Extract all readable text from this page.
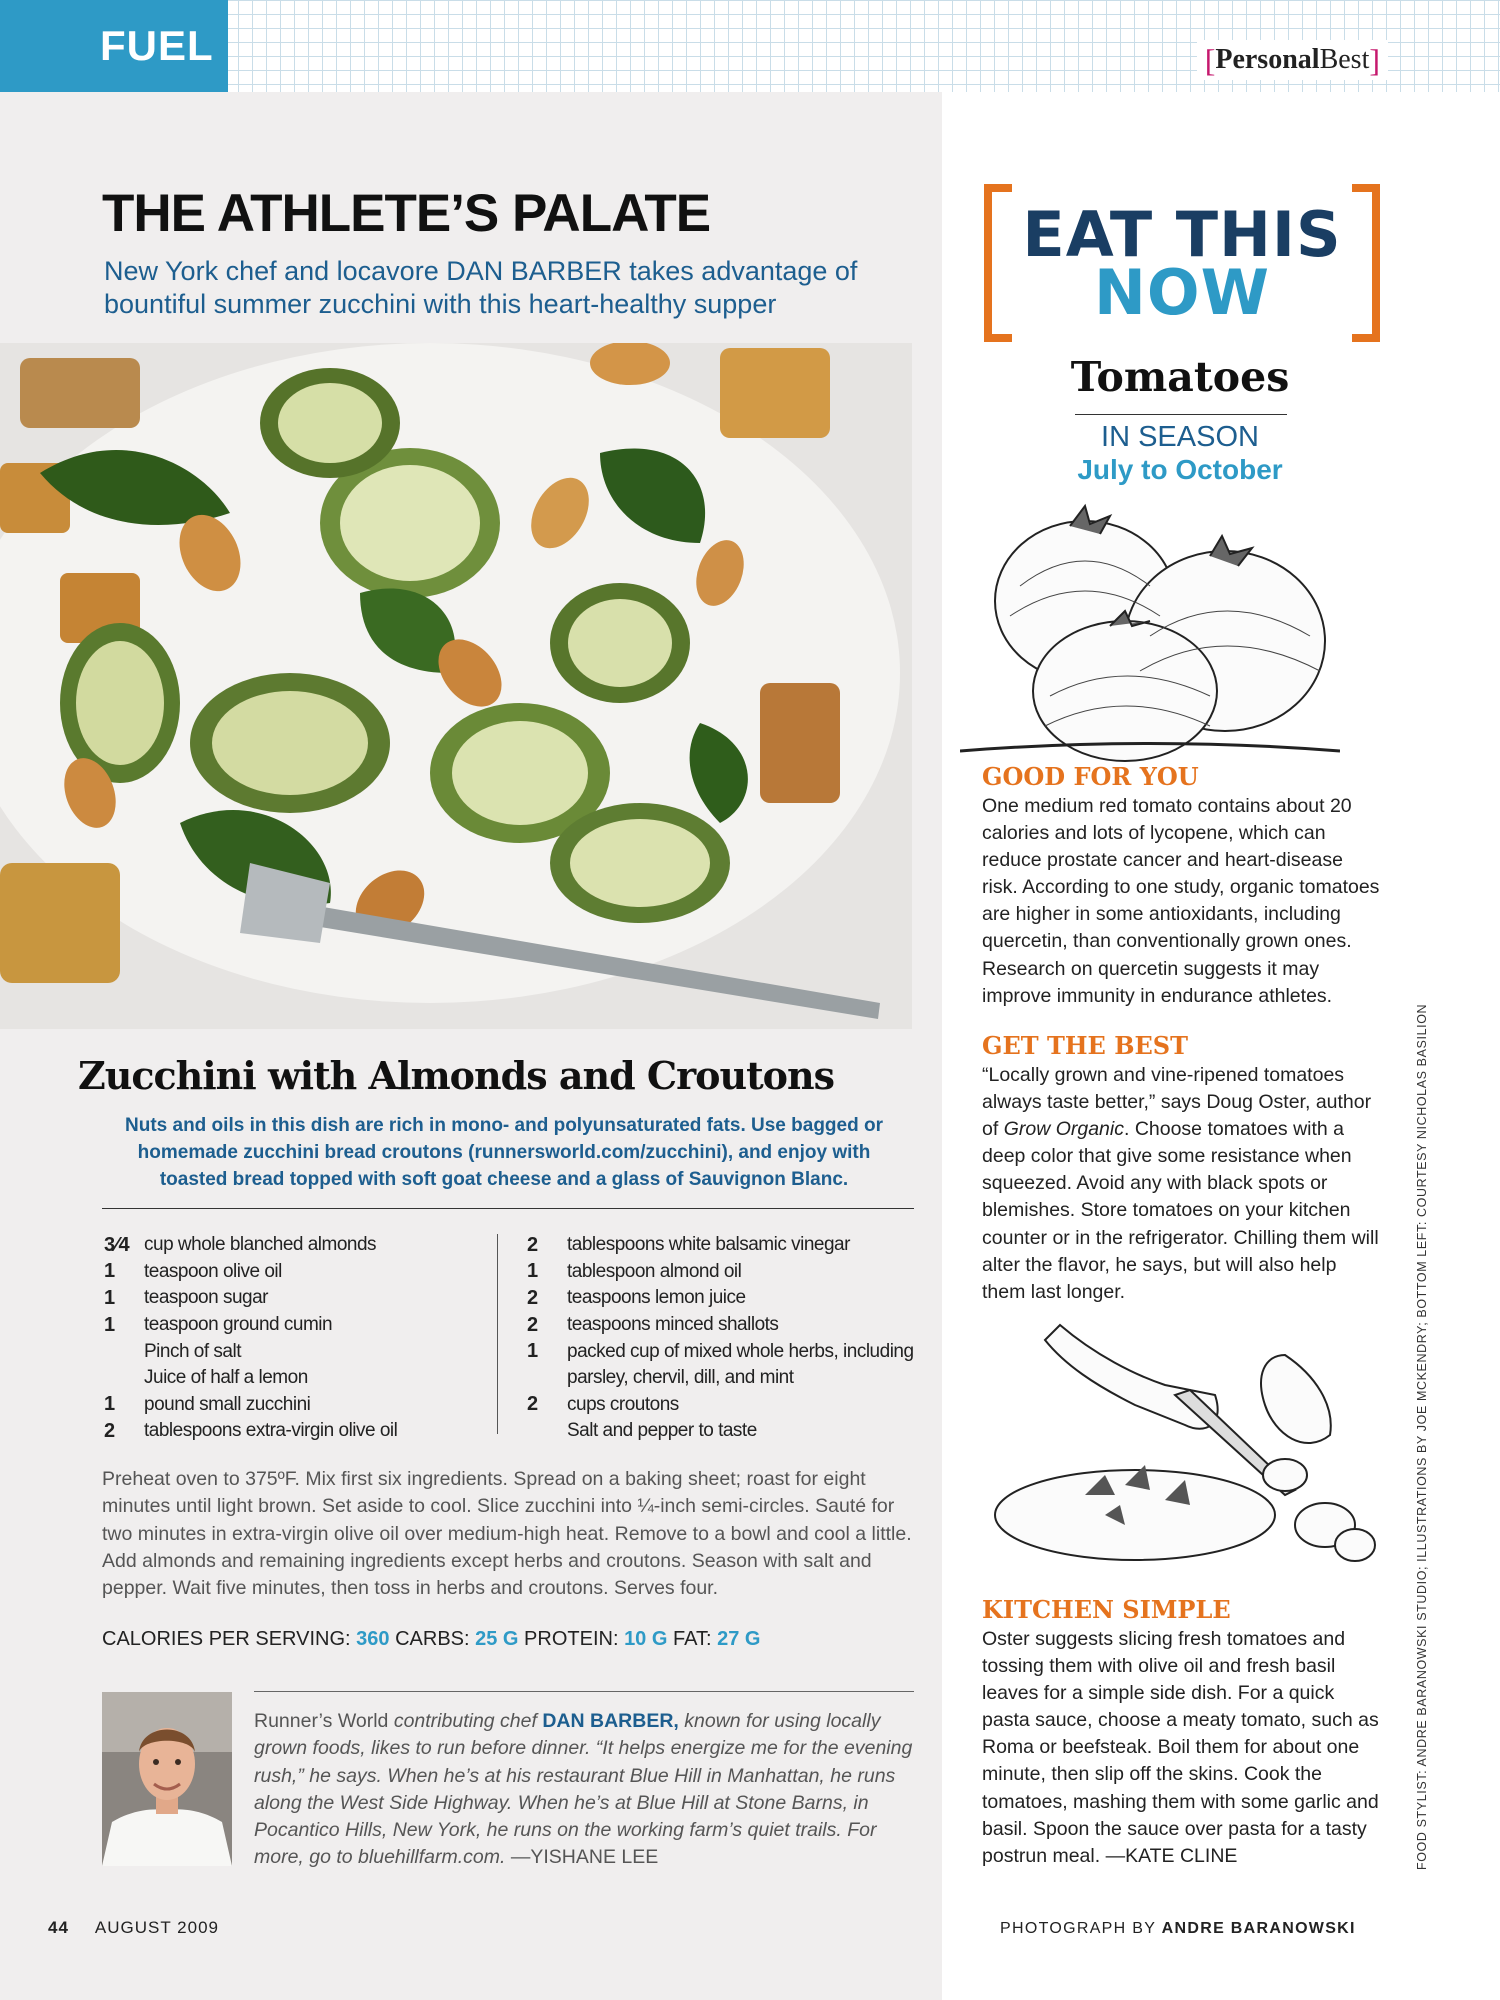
FUEL	[ Personal Best ]
THE ATHLETE’S PALATE

New York chef and locavore DAN BARBER takes advantage of bountiful summer zucchini with this heart-healthy supper

Zucchini with Almonds and Croutons

Nuts and oils in this dish are rich in mono- and polyunsaturated fats. Use bagged or homemade zucchini bread croutons (runnersworld.com/zucchini), and enjoy with toasted bread topped with soft goat cheese and a glass of Sauvignon Blanc.

3⁄4 cup whole blanched almonds
1	teaspoon olive oil
1	teaspoon sugar
1	teaspoon ground cumin
Pinch of salt
Juice of half a lemon
1	pound small zucchini
2	tablespoons extra-virgin olive oil
2	tablespoons white balsamic vinegar
1	tablespoon almond oil
2	teaspoons lemon juice
2	teaspoons minced shallots
1	packed cup of mixed whole herbs, including
parsley, chervil, dill, and mint
2	cups croutons
Salt and pepper to taste

Preheat oven to 375ºF. Mix first six ingredients. Spread on a baking sheet; roast for eight minutes until light brown. Set aside to cool. Slice zucchini into ¼-inch semi-circles. Sauté for two minutes in extra-virgin olive oil over medium-high heat. Remove to a bowl and cool a little. Add almonds and remaining ingredients except herbs and croutons. Season with salt and pepper. Wait five minutes, then toss in herbs and croutons. Serves four.

CALORIES PER SERVING: 360 CARBS: 25 G PROTEIN: 10 G FAT: 27 G

Runner’s World contributing chef DAN BARBER, known for using locally grown foods, likes to run before dinner. “It helps energize me for the evening rush,” he says. When he’s at his restaurant Blue Hill in Manhattan, he runs along the West Side Highway. When he’s at Blue Hill at Stone Barns, in Pocantico Hills, New York, he runs on the working farm’s quiet trails. For more, go to bluehillfarm.com. —YISHANE LEE

44 AUGUST 2009

EAT THIS
NOW
Tomatoes

IN SEASON

July to October

GOOD FOR YOU

One medium red tomato contains about 20 calories and lots of lycopene, which can reduce prostate cancer and heart-disease risk. According to one study, organic tomatoes are higher in some antioxidants, including quercetin, than conventionally grown ones. Research on quercetin suggests it may improve immunity in endurance athletes.

GET THE BEST

“Locally grown and vine-ripened tomatoes always taste better,” says Doug Oster, author of Grow Organic. Choose tomatoes with a deep color that give some resistance when squeezed. Avoid any with black spots or blemishes. Store tomatoes on your kitchen counter or in the refrigerator. Chilling them will alter the flavor, he says, but will also help them last longer.

KITCHEN SIMPLE

Oster suggests slicing fresh tomatoes and tossing them with olive oil and fresh basil leaves for a simple side dish. For a quick pasta sauce, choose a meaty tomato, such as Roma or beefsteak. Boil them for about one minute, then slip off the skins. Cook the tomatoes, mashing them with some garlic and basil. Spoon the sauce over pasta for a tasty postrun meal. —KATE CLINE	FOOD STYLIST: ANDRE BARANOWSKI STUDIO; ILLUSTRATIONS BY JOE MCKENDRY; BOTTOM LEFT: COURTESY NICHOLAS BASILION

PHOTOGRAPH BY ANDRE BARANOWSKI
